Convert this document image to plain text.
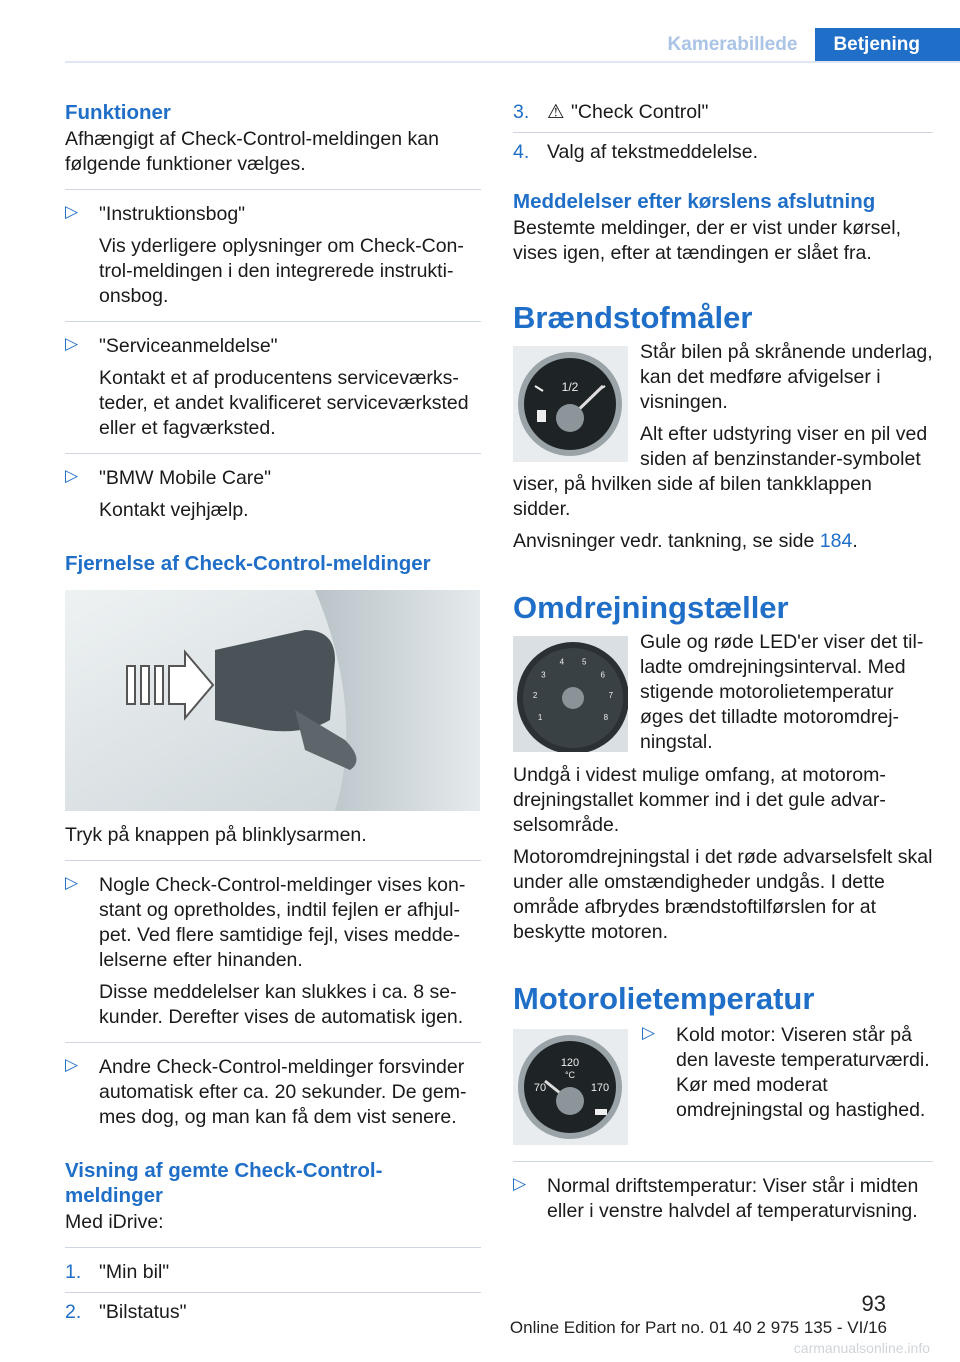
Kamerabillede	Betjening

Funktioner

Afhængigt af Check-Control-meldingen kan følgende funktioner vælges.

▷ "Instruktionsbog"

Vis yderligere oplysninger om Check-Control-meldingen i den integrerede instruktionsbog.

▷ "Serviceanmeldelse"

Kontakt et af producentens serviceværksteder, et andet kvalificeret serviceværksted eller et fagværksted.

▷ "BMW Mobile Care"

Kontakt vejhjælp.

Fjernelse af Check-Control-meldinger

Tryk på knappen på blinklysarmen.

▷ Nogle Check-Control-meldinger vises konstant og opretholdes, indtil fejlen er afhjulpet. Ved flere samtidige fejl, vises meddelelserne efter hinanden.

Disse meddelelser kan slukkes i ca. 8 sekunder. Derefter vises de automatisk igen.

▷ Andre Check-Control-meldinger forsvinder automatisk efter ca. 20 sekunder. De gemmes dog, og man kan få dem vist senere.

Visning af gemte Check-Control-meldinger

Med iDrive:

1. "Min bil"

2. "Bilstatus"

3. ⚠ "Check Control"

4. Valg af tekstmeddelelse.

Meddelelser efter kørslens afslutning

Bestemte meldinger, der er vist under kørsel, vises igen, efter at tændingen er slået fra.

Brændstofmåler

1/2

Står bilen på skrånende underlag, kan det medføre afvigelser i visningen.

Alt efter udstyring viser en pil ved siden af benzinstander-symbolet viser, på hvilken side af bilen tankklappen sidder.

Anvisninger vedr. tankning, se side 184.

Omdrejningstæller

1
2
3
4 5
6
7
8

Gule og røde LED'er viser det tilladte omdrejningsinterval. Med stigende motorolietemperatur øges det tilladte motoromdrejningstal.

Undgå i videst mulige omfang, at motoromdrejningstallet kommer ind i det gule advarselsområde.

Motoromdrejningstal i det røde advarselsfelt skal under alle omstændigheder undgås. I dette område afbrydes brændstoftilførslen for at beskytte motoren.

Motorolietemperatur

70
120
170
°C
▷ Kold motor: Viseren står på den laveste temperaturværdi. Kør med moderat omdrejningstal og hastighed.

▷ Normal driftstemperatur: Viser står i midten eller i venstre halvdel af temperaturvisning.

93
Online Edition for Part no. 01 40 2 975 135 - VI/16
carmanualsonline.info
